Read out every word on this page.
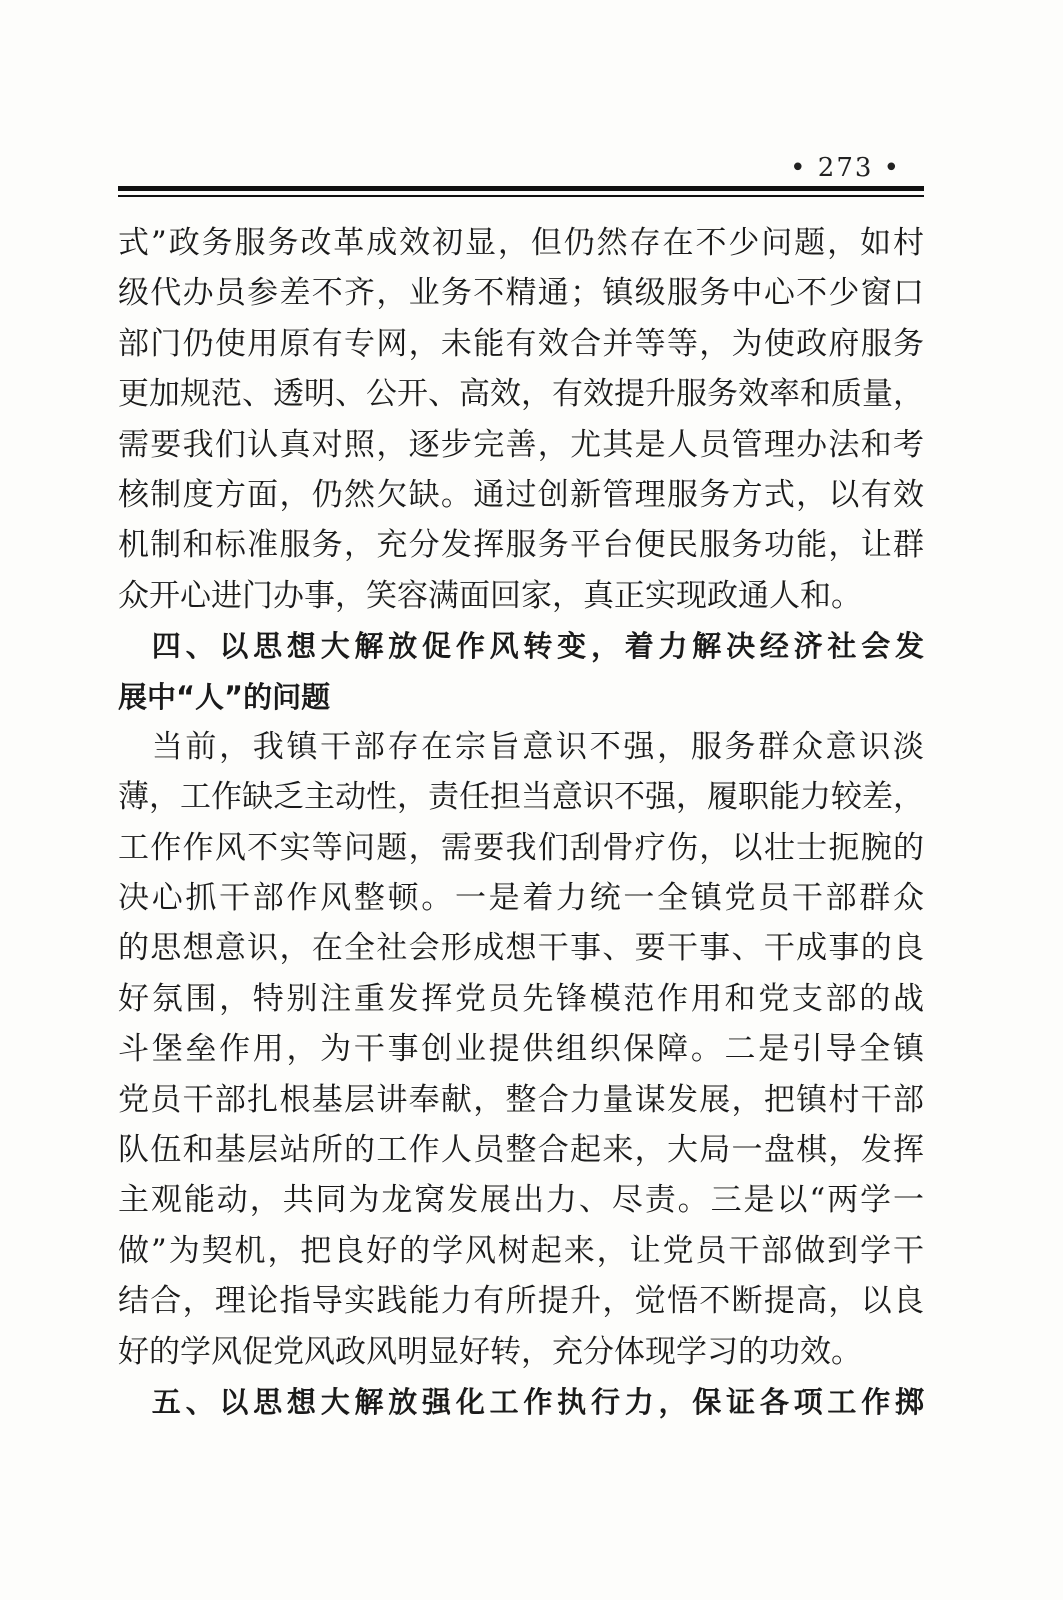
• 273 •
式”政务服务改革成效初显，但仍然存在不少问题，如村
级代办员参差不齐，业务不精通；镇级服务中心不少窗口
部门仍使用原有专网，未能有效合并等等，为使政府服务
更加规范、透明、公开、高效，有效提升服务效率和质量，
需要我们认真对照，逐步完善，尤其是人员管理办法和考
核制度方面，仍然欠缺。通过创新管理服务方式，以有效
机制和标准服务，充分发挥服务平台便民服务功能，让群
众开心进门办事，笑容满面回家，真正实现政通人和。
　四、以思想大解放促作风转变，着力解决经济社会发
展中“人”的问题
　当前，我镇干部存在宗旨意识不强，服务群众意识淡
薄，工作缺乏主动性，责任担当意识不强，履职能力较差，
工作作风不实等问题，需要我们刮骨疗伤，以壮士扼腕的
决心抓干部作风整顿。一是着力统一全镇党员干部群众
的思想意识，在全社会形成想干事、要干事、干成事的良
好氛围，特别注重发挥党员先锋模范作用和党支部的战
斗堡垒作用，为干事创业提供组织保障。二是引导全镇
党员干部扎根基层讲奉献，整合力量谋发展，把镇村干部
队伍和基层站所的工作人员整合起来，大局一盘棋，发挥
主观能动，共同为龙窝发展出力、尽责。三是以“两学一
做”为契机，把良好的学风树起来，让党员干部做到学干
结合，理论指导实践能力有所提升，觉悟不断提高，以良
好的学风促党风政风明显好转，充分体现学习的功效。
　五、以思想大解放强化工作执行力，保证各项工作掷
